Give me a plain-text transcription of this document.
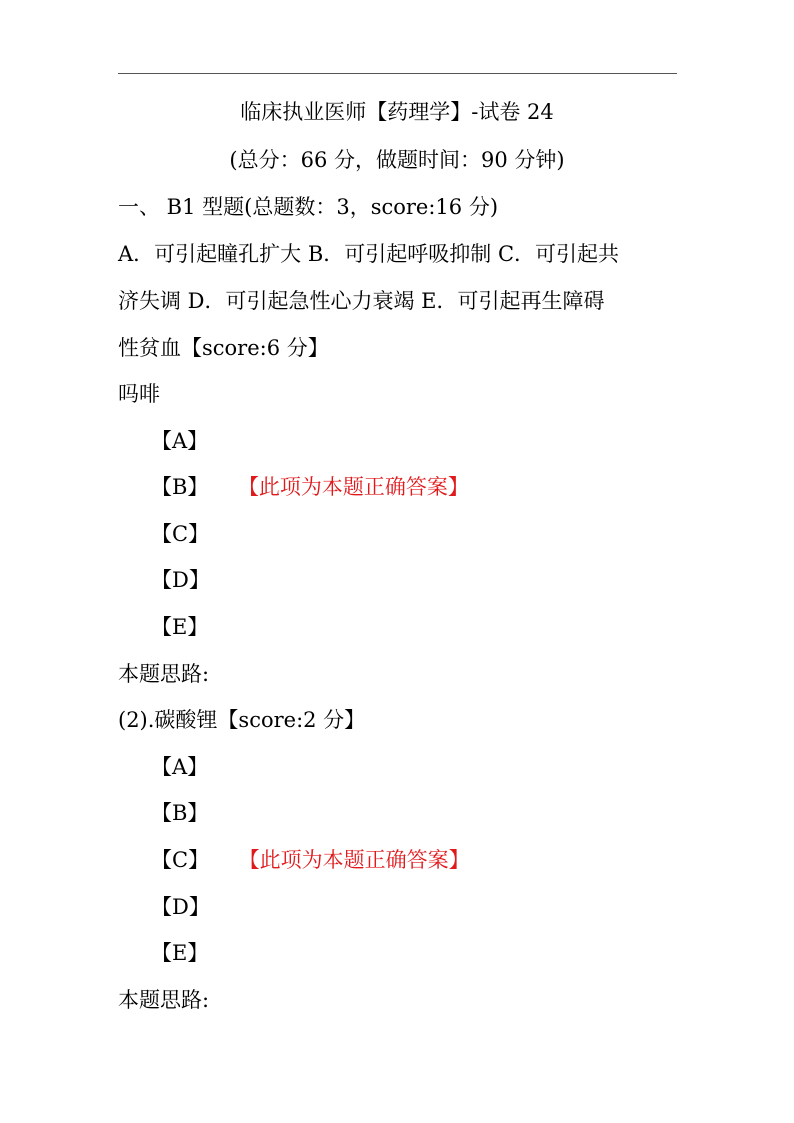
临床执业医师【药理学】-试卷 24
(总分：66 分，做题时间：90 分钟)
一、 B1 型题(总题数：3，score:16 分)
A．可引起瞳孔扩大 B．可引起呼吸抑制 C．可引起共
济失调 D．可引起急性心力衰竭 E．可引起再生障碍
性贫血【score:6 分】
吗啡
【A】
【B】 【此项为本题正确答案】
【C】
【D】
【E】
本题思路:
(2).碳酸锂【score:2 分】
【A】
【B】
【C】 【此项为本题正确答案】
【D】
【E】
本题思路:
